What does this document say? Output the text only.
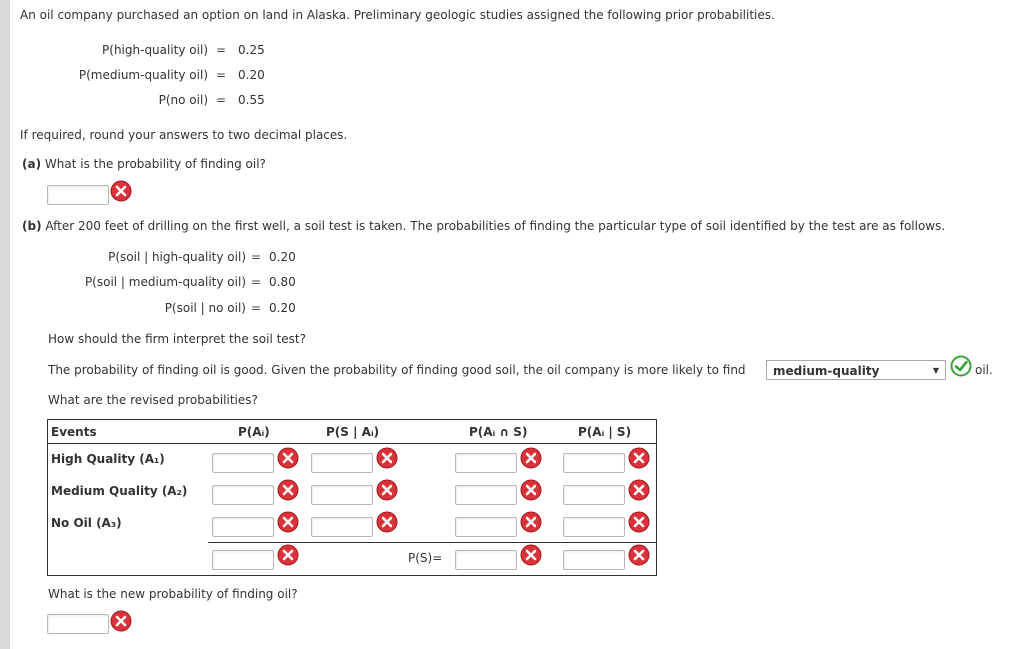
An oil company purchased an option on land in Alaska. Preliminary geologic studies assigned the following prior probabilities.
P(high-quality oil) = 0.25
P(medium-quality oil) = 0.20
P(no oil) = 0.55
If required, round your answers to two decimal places.
(a) What is the probability of finding oil?
(b) After 200 feet of drilling on the first well, a soil test is taken. The probabilities of finding the particular type of soil identified by the test are as follows.
P(soil | high-quality oil) = 0.20
P(soil | medium-quality oil) = 0.80
P(soil | no oil) = 0.20
How should the firm interpret the soil test?
The probability of finding oil is good. Given the probability of finding good soil, the oil company is more likely to find	medium-quality	▼	oil.
What are the revised probabilities?
Events	P(Aᵢ)	P(S | Aᵢ)	P(Aᵢ ∩ S)	P(Aᵢ | S)
High Quality (A₁)
Medium Quality (A₂)
No Oil (A₃)
P(S)=
What is the new probability of finding oil?
